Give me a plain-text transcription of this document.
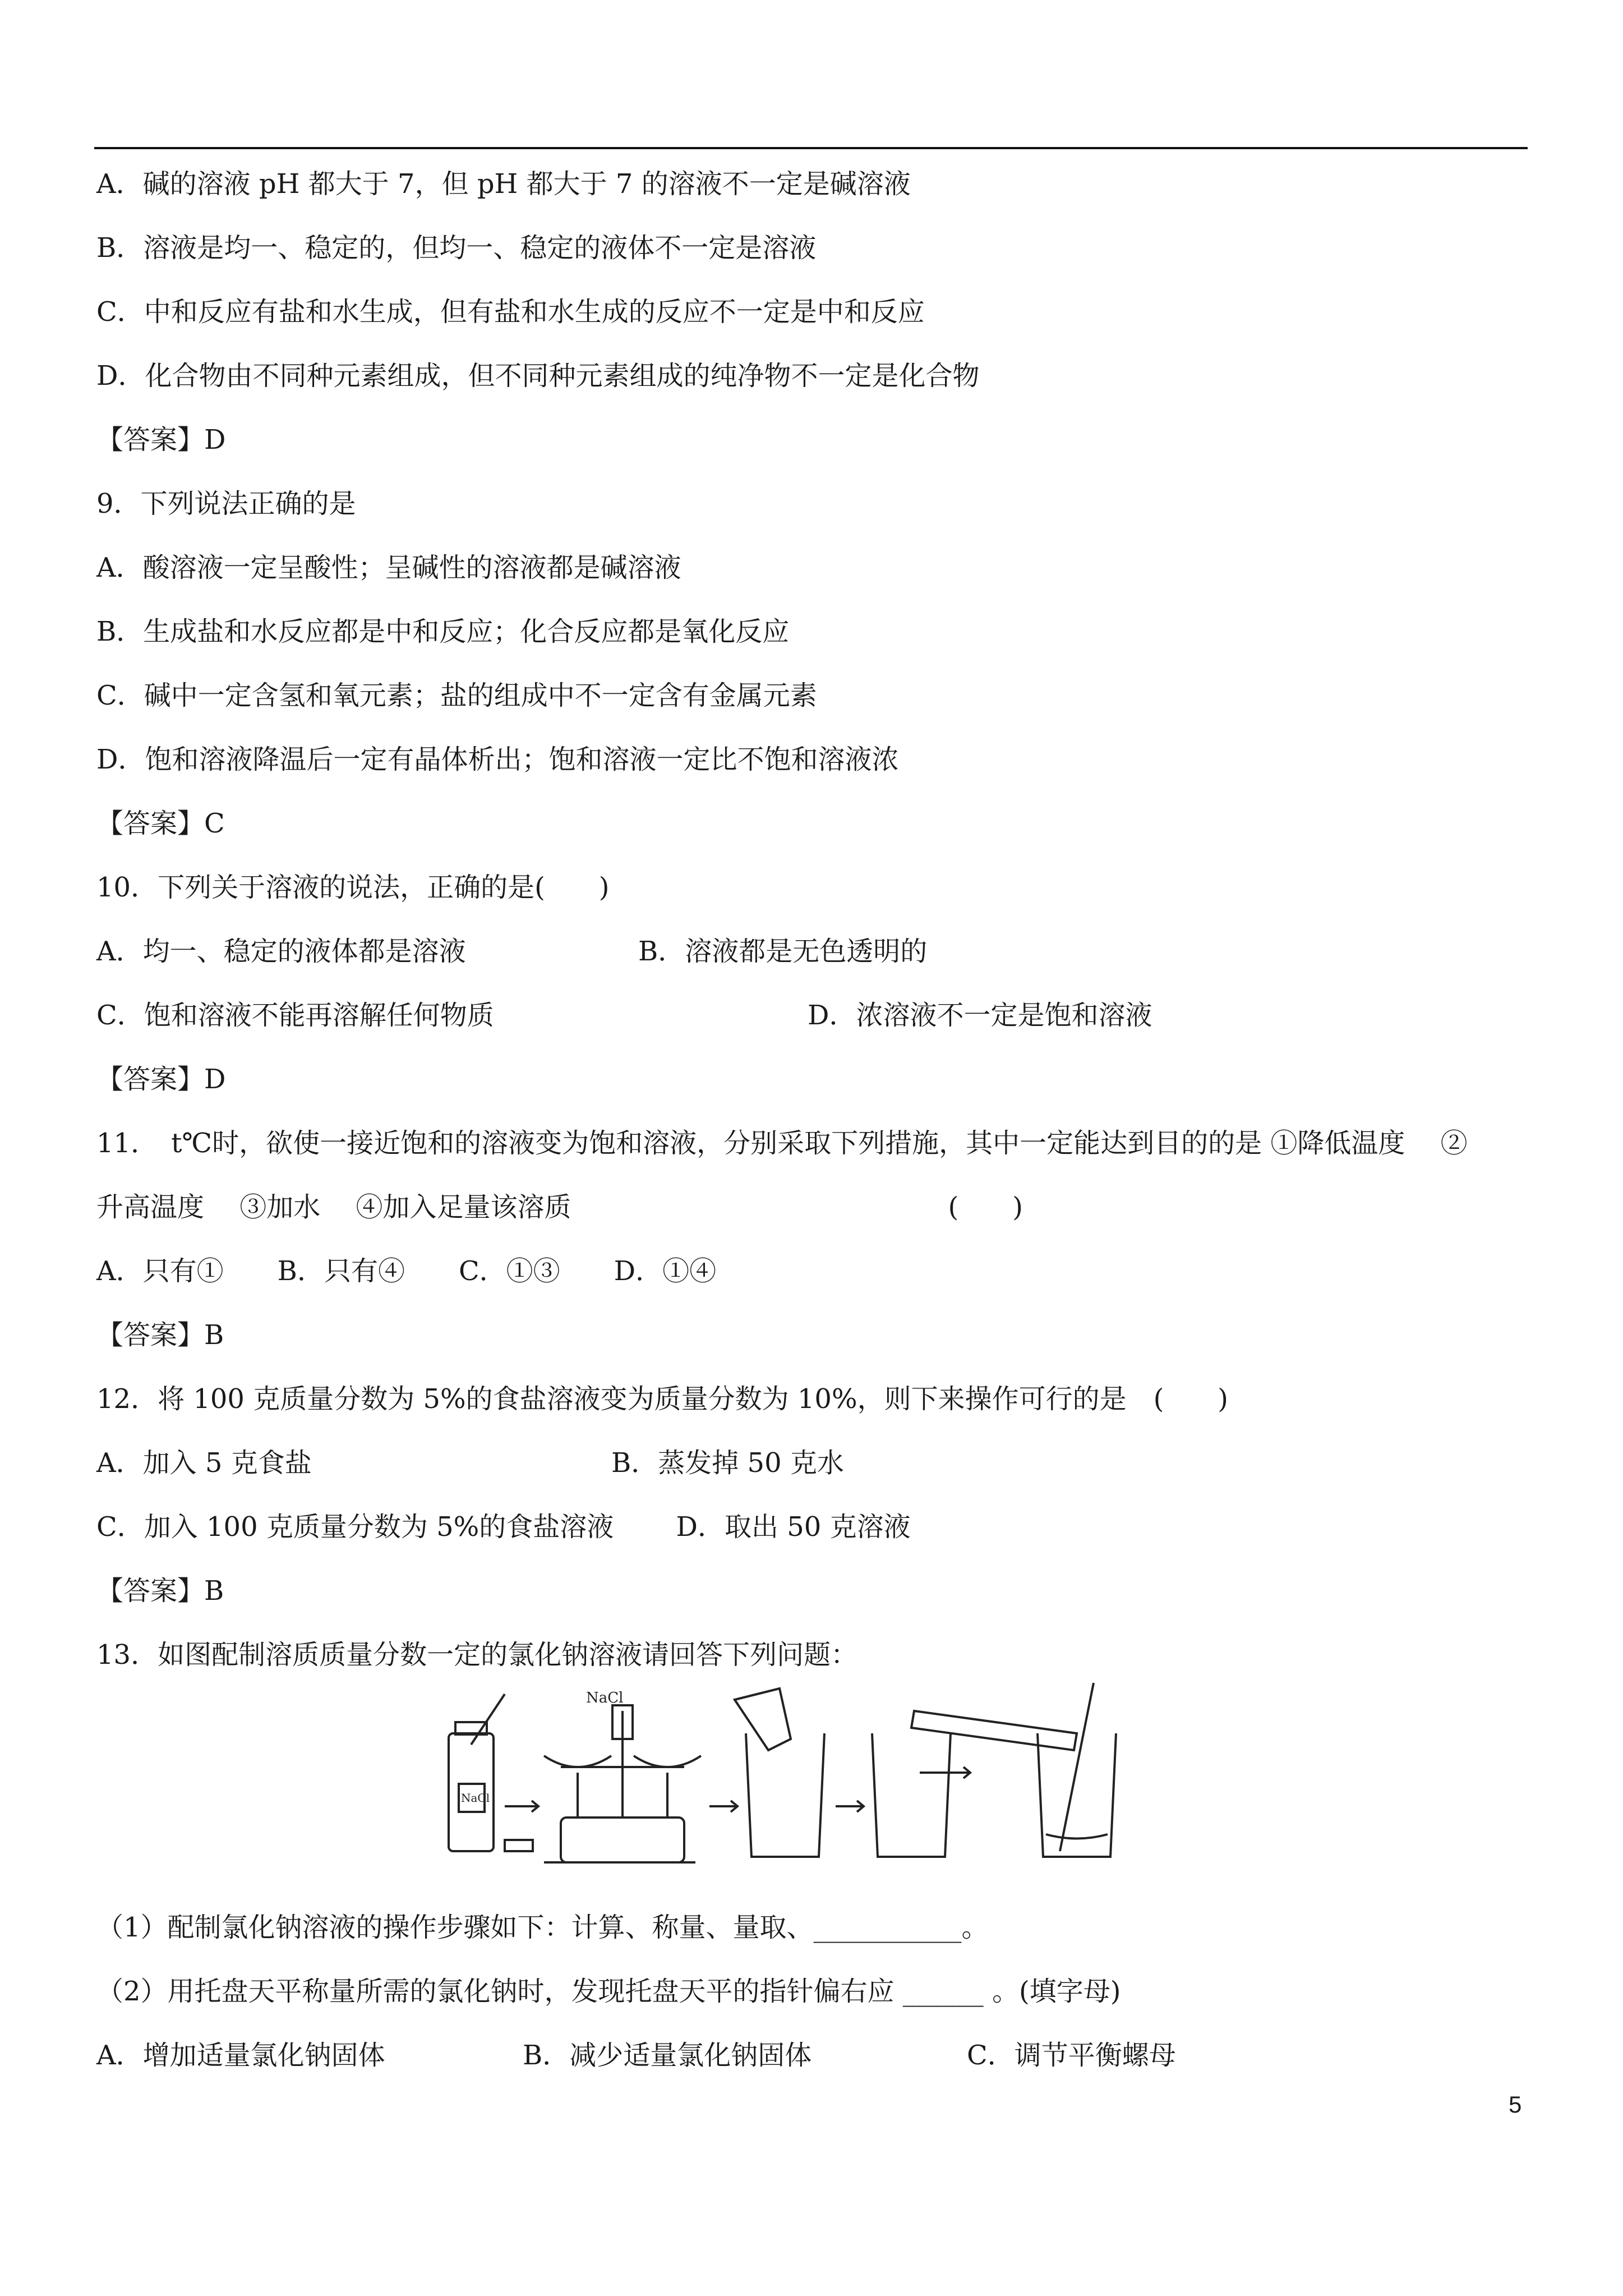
NaCl
NaCl
5
A．碱的溶液 pH 都大于 7，但 pH 都大于 7 的溶液不一定是碱溶液
B．溶液是均一、稳定的，但均一、稳定的液体不一定是溶液
C．中和反应有盐和水生成，但有盐和水生成的反应不一定是中和反应
D．化合物由不同种元素组成，但不同种元素组成的纯净物不一定是化合物
【答案】D
9．下列说法正确的是
A．酸溶液一定呈酸性；呈碱性的溶液都是碱溶液
B．生成盐和水反应都是中和反应；化合反应都是氧化反应
C．碱中一定含氢和氧元素；盐的组成中不一定含有金属元素
D．饱和溶液降温后一定有晶体析出；饱和溶液一定比不饱和溶液浓
【答案】C
10．下列关于溶液的说法，正确的是(　　)
A．均一、稳定的液体都是溶液	B．溶液都是无色透明的
C．饱和溶液不能再溶解任何物质	D．浓溶液不一定是饱和溶液
【答案】D
11．　t℃时，欲使一接近饱和的溶液变为饱和溶液，分别采取下列措施，其中一定能达到目的的是 ①降低温度　 ②
升高温度　 ③加水　 ④加入足量该溶质　　　　　　　　　　　　　　(　　)
A．只有①　　B．只有④　　C．①③　　D．①④
【答案】B
12．将 100 克质量分数为 5%的食盐溶液变为质量分数为 10%，则下来操作可行的是　(　　)
A．加入 5 克食盐	B．蒸发掉 50 克水
C．加入 100 克质量分数为 5%的食盐溶液　　 D．取出 50 克溶液
【答案】B
13．如图配制溶质质量分数一定的氯化钠溶液请回答下列问题：
（1）配制氯化钠溶液的操作步骤如下：计算、称量、量取、___________。
（2）用托盘天平称量所需的氯化钠时，发现托盘天平的指针偏右应 ______ 。(填字母)
A．增加适量氯化钠固体	B．减少适量氯化钠固体	C．调节平衡螺母
